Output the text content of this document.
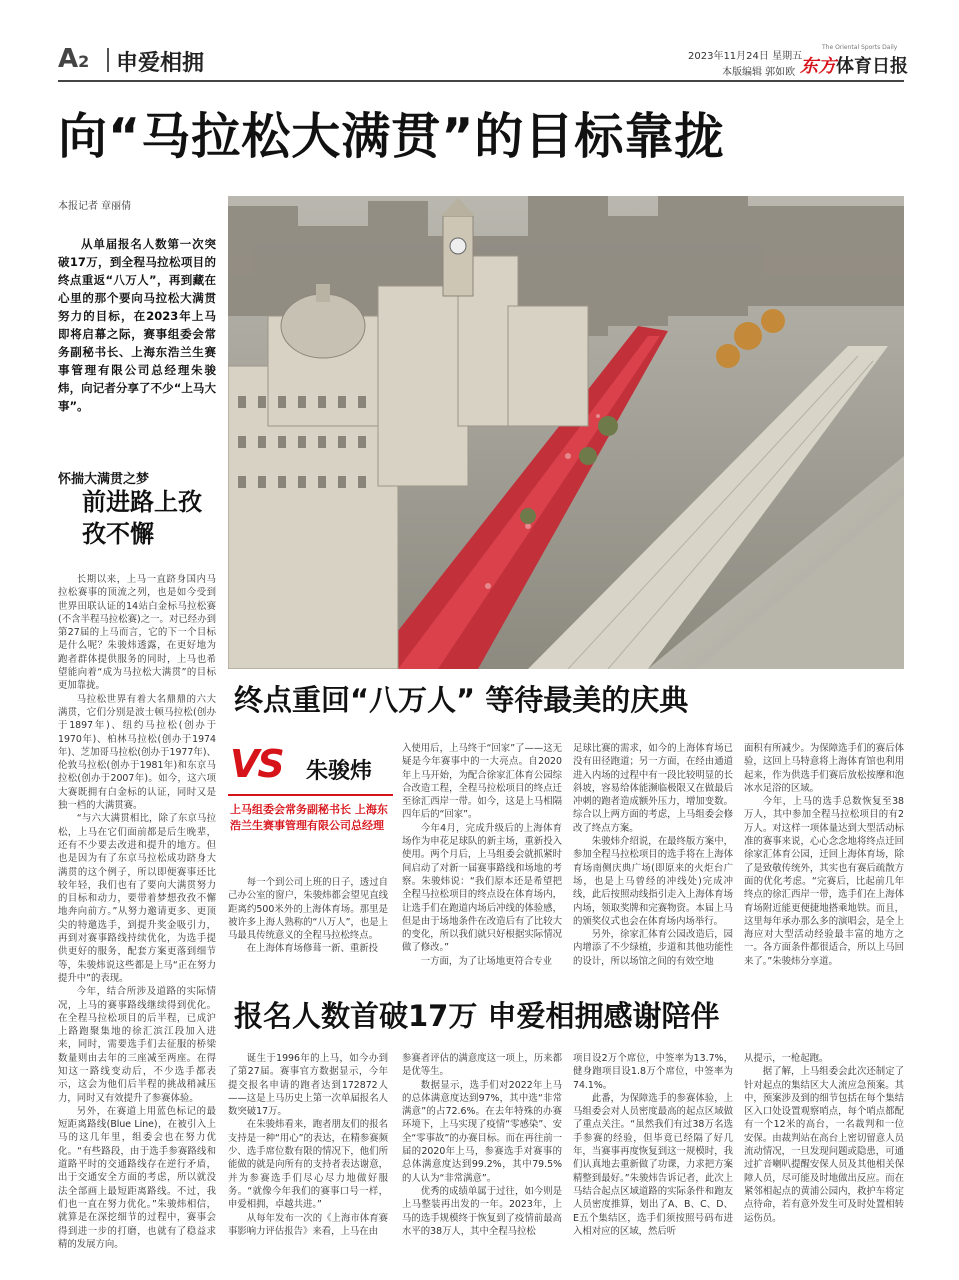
A2 申爱相拥	2023年11月24日 星期五
本版编辑 郭如欧
The Oriental Sports Daily
东方体育日报
向“马拉松大满贯”的目标靠拢
本报记者 章丽倩
从单届报名人数第一次突破17万，到全程马拉松项目的终点重返“八万人”，再到藏在心里的那个要向马拉松大满贯努力的目标，在2023年上马即将启幕之际，赛事组委会常务副秘书长、上海东浩兰生赛事管理有限公司总经理朱骏炜，向记者分享了不少“上马大事”。
怀揣大满贯之梦
前进路上孜孜不懈

长期以来，上马一直跻身国内马拉松赛事的顶流之列，也是如今受到世界田联认证的14站白金标马拉松赛(不含半程马拉松赛)之一。对已经办到第27届的上马而言，它的下一个目标是什么呢？朱骏炜透露，在更好地为跑者群体提供服务的同时，上马也希望能向着“成为马拉松大满贯”的目标更加靠拢。

马拉松世界有着大名鼎鼎的六大满贯，它们分别是波士顿马拉松(创办于1897年)、纽约马拉松(创办于1970年)、柏林马拉松(创办于1974年)、芝加哥马拉松(创办于1977年)、伦敦马拉松(创办于1981年)和东京马拉松(创办于2007年)。如今，这六项大赛既拥有白金标的认证，同时又是独一档的大满贯赛。

“与六大满贯相比，除了东京马拉松，上马在它们面前都是后生晚辈，还有不少要去改进和提升的地方。但也是因为有了东京马拉松成功跻身大满贯的这个例子，所以即便赛事还比较年轻，我们也有了要向大满贯努力的目标和动力，要带着梦想孜孜不懈地奔向前方。”从努力邀请更多、更顶尖的特邀选手，到提升奖金吸引力，再到对赛事路线持续优化，为选手提供更好的服务，配套方案更落到细节等，朱骏炜说这些都是上马“正在努力提升中”的表现。

今年，结合所涉及道路的实际情况，上马的赛事路线继续得到优化。在全程马拉松项目的后半程，已成沪上路跑聚集地的徐汇滨江段加入进来，同时，需要选手们去征服的桥梁数量则由去年的三座减至两座。在得知这一路线变动后，不少选手都表示，这会为他们后半程的挑战稍减压力，同时又有效提升了参赛体验。

另外，在赛道上用蓝色标记的最短距离路线(Blue Line)，在被引入上马的这几年里，组委会也在努力优化。“有些路段，由于选手参赛路线和道路平时的交通路线存在逆行矛盾，出于交通安全方面的考虑，所以就没法全部画上最短距离路线。不过，我们也一直在努力优化。”朱骏炜相信，就算是在深挖细节的过程中，赛事会得到进一步的打磨，也就有了稳益求精的发展方向。

终点重回“八万人” 等待最美的庆典
VS 朱骏炜
上马组委会常务副秘书长 上海东浩兰生赛事管理有限公司总经理

每一个到公司上班的日子，透过自己办公室的窗户，朱骏炜都会望见直线距离约500米外的上海体育场。那里是被许多上海人熟称的“八万人”，也是上马最具传统意义的全程马拉松终点。

在上海体育场修葺一新、重新投

入使用后，上马终于“回家”了——这无疑是今年赛事中的一大亮点。自2020年上马开始，为配合徐家汇体育公园综合改造工程，全程马拉松项目的终点迁至徐汇西岸一带。如今，这是上马相隔四年后的“回家”。

今年4月，完成升级后的上海体育场作为申花足球队的新主场，重新投入使用。两个月后，上马组委会就抓紧时间启动了对新一届赛事路线和场地的考察。朱骏炜说：“我们原本还是希望把全程马拉松项目的终点设在体育场内，让选手们在跑道内场后冲线的体验感，但是由于场地条件在改造后有了比较大的变化，所以我们就只好根据实际情况做了修改。”

一方面，为了让场地更符合专业

足球比赛的需求，如今的上海体育场已没有田径跑道；另一方面，在经由通道进入内场的过程中有一段比较明显的长斜坡，容易给体能濒临极限又在做最后冲刺的跑者造成额外压力，增加变数。综合以上两方面的考虑，上马组委会修改了终点方案。

朱骏炜介绍说，在最终版方案中，参加全程马拉松项目的选手将在上海体育场南侧庆典广场(即原来的火炬台广场，也是上马曾经的冲线处)完成冲线，此后按照动线指引走入上海体育场内场，领取奖牌和完赛物资。本届上马的颁奖仪式也会在体育场内场举行。

另外，徐家汇体育公园改造后，园内增添了不少绿植，步道和其他功能性的设计，所以场馆之间的有效空地

面积有所减少。为保障选手们的赛后体验，这回上马特意将上海体育馆也利用起来，作为供选手们赛后放松按摩和泡冰水足浴的区域。

今年，上马的选手总数恢复至38万人，其中参加全程马拉松项目的有2万人。对这样一项体量达到大型活动标准的赛事来说，心心念念地将终点迁回徐家汇体育公园，迁回上海体育场，除了是致敬传统外，其实也有赛后疏散方面的优化考虑。“完赛后，比起前几年终点的徐汇西岸一带，选手们在上海体育场附近能更便捷地搭乘地铁。而且，这里每年承办那么多的演唱会，是全上海应对大型活动经验最丰富的地方之一。各方面条件都很适合，所以上马回来了。”朱骏炜分享道。

报名人数首破17万 申爱相拥感谢陪伴

诞生于1996年的上马，如今办到了第27届。赛事官方数据显示，今年提交报名申请的跑者达到172872人——这是上马历史上第一次单届报名人数突破17万。

在朱骏炜看来，跑者朋友们的报名支持是一种“用心”的表达，在精参赛频少、选手席位数有限的情况下，他们所能做的就是向所有的支持者表达谢意，并为参赛选手们尽心尽力地做好服务。“就像今年我们的赛事口号一样，申爱相拥，卓越共进。”

从每年发布一次的《上海市体育赛事影响力评估报告》来看，上马在由

参赛者评估的满意度这一项上，历来都是优等生。

数据显示，选手们对2022年上马的总体满意度达到97%，其中选“非常满意”的占72.6%。在去年特殊的办赛环境下，上马实现了疫情“零感染”、安全“零事故”的办赛目标。而在再往前一届的2020年上马，参赛选手对赛事的总体满意度达到99.2%，其中79.5%的人认为“非常满意”。

优秀的成绩单属于过往，如今则是上马整装再出发的一年。2023年，上马的选手规模终于恢复到了疫情前最高水平的38万人，其中全程马拉松

项目设2万个席位，中签率为13.7%，健身跑项目设1.8万个席位，中签率为74.1%。

此番，为保障选手的参赛体验，上马组委会对人员密度最高的起点区域做了重点关注。“虽然我们有过38万名选手参赛的经验，但毕竟已经隔了好几年，当赛事再度恢复到这一规模时，我们认真地去重新做了功课，力求把方案精整到最好。”朱骏炜告诉记者，此次上马结合起点区域道路的实际条件和跑友人员密度推算，划出了A、B、C、D、E五个集结区，选手们须按照号码布进入相对应的区域，然后听

从提示，一枪起跑。

据了解，上马组委会此次还制定了针对起点的集结区大人流应急预案。其中，预案涉及到的细节包括在每个集结区入口处设置观察哨点，每个哨点都配有一个12米的高台，一名裁判和一位安保。由裁判站在高台上密切留意人员流动情况，一旦发现问题或隐患，可通过扩音喇叭提醒安保人员及其他相关保障人员，尽可能及时地做出反应。而在紧邻相起点的黄浦公园内，救护车将定点待命，若有意外发生可及时处置相转运伤员。
